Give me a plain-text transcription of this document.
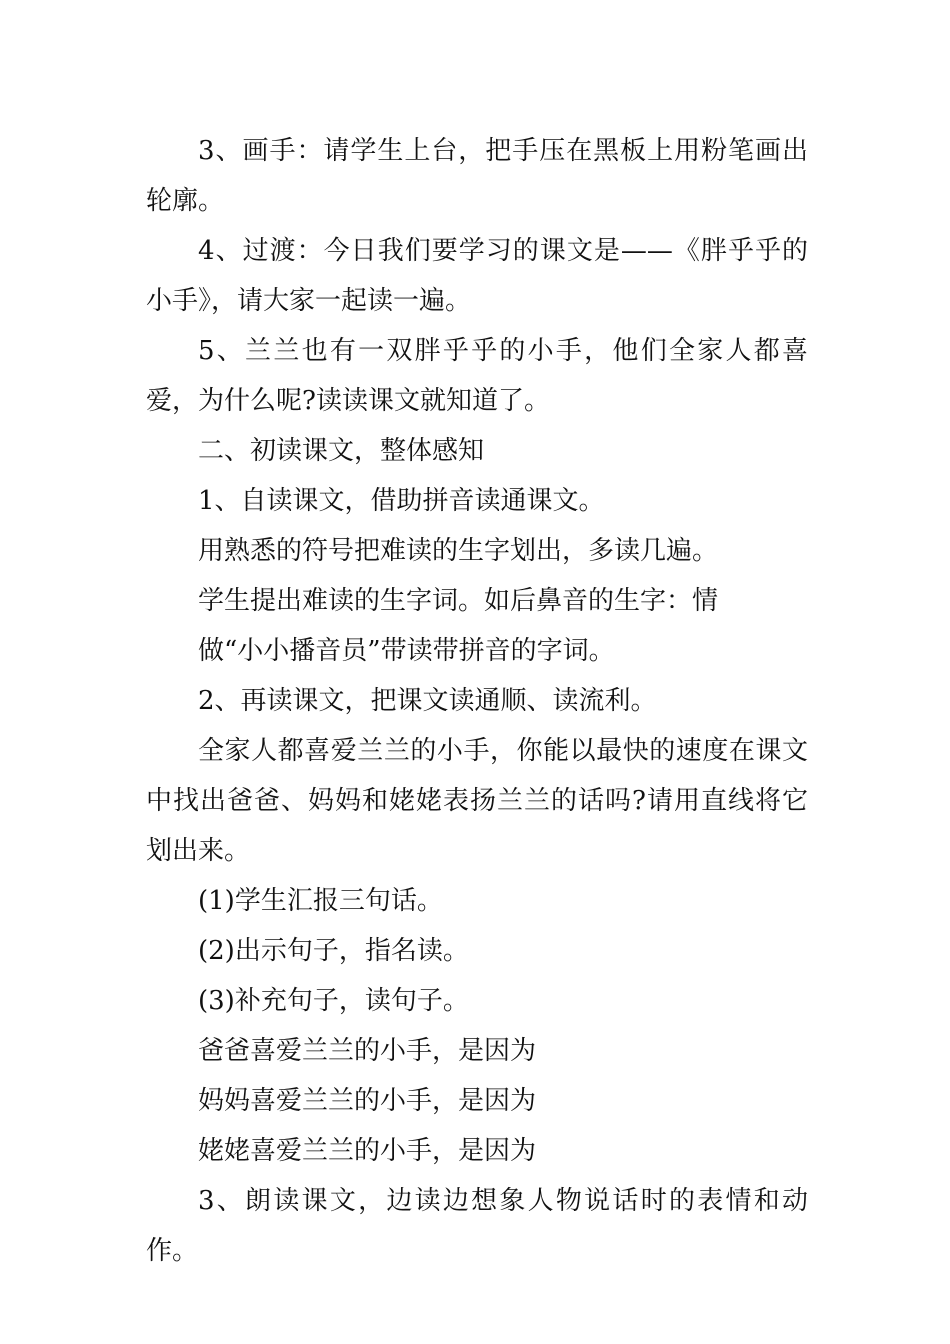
3、画手：请学生上台，把手压在黑板上用粉笔画出轮廓。

4、过渡：今日我们要学习的课文是——《胖乎乎的小手》，请大家一起读一遍。

5、兰兰也有一双胖乎乎的小手，他们全家人都喜爱，为什么呢?读读课文就知道了。

二、初读课文，整体感知

1、自读课文，借助拼音读通课文。

用熟悉的符号把难读的生字划出，多读几遍。

学生提出难读的生字词。如后鼻音的生字：情

做“小小播音员”带读带拼音的字词。

2、再读课文，把课文读通顺、读流利。

全家人都喜爱兰兰的小手，你能以最快的速度在课文中找出爸爸、妈妈和姥姥表扬兰兰的话吗?请用直线将它划出来。

(1)学生汇报三句话。

(2)出示句子，指名读。

(3)补充句子，读句子。

爸爸喜爱兰兰的小手，是因为

妈妈喜爱兰兰的小手，是因为

姥姥喜爱兰兰的小手，是因为

3、朗读课文，边读边想象人物说话时的表情和动作。
